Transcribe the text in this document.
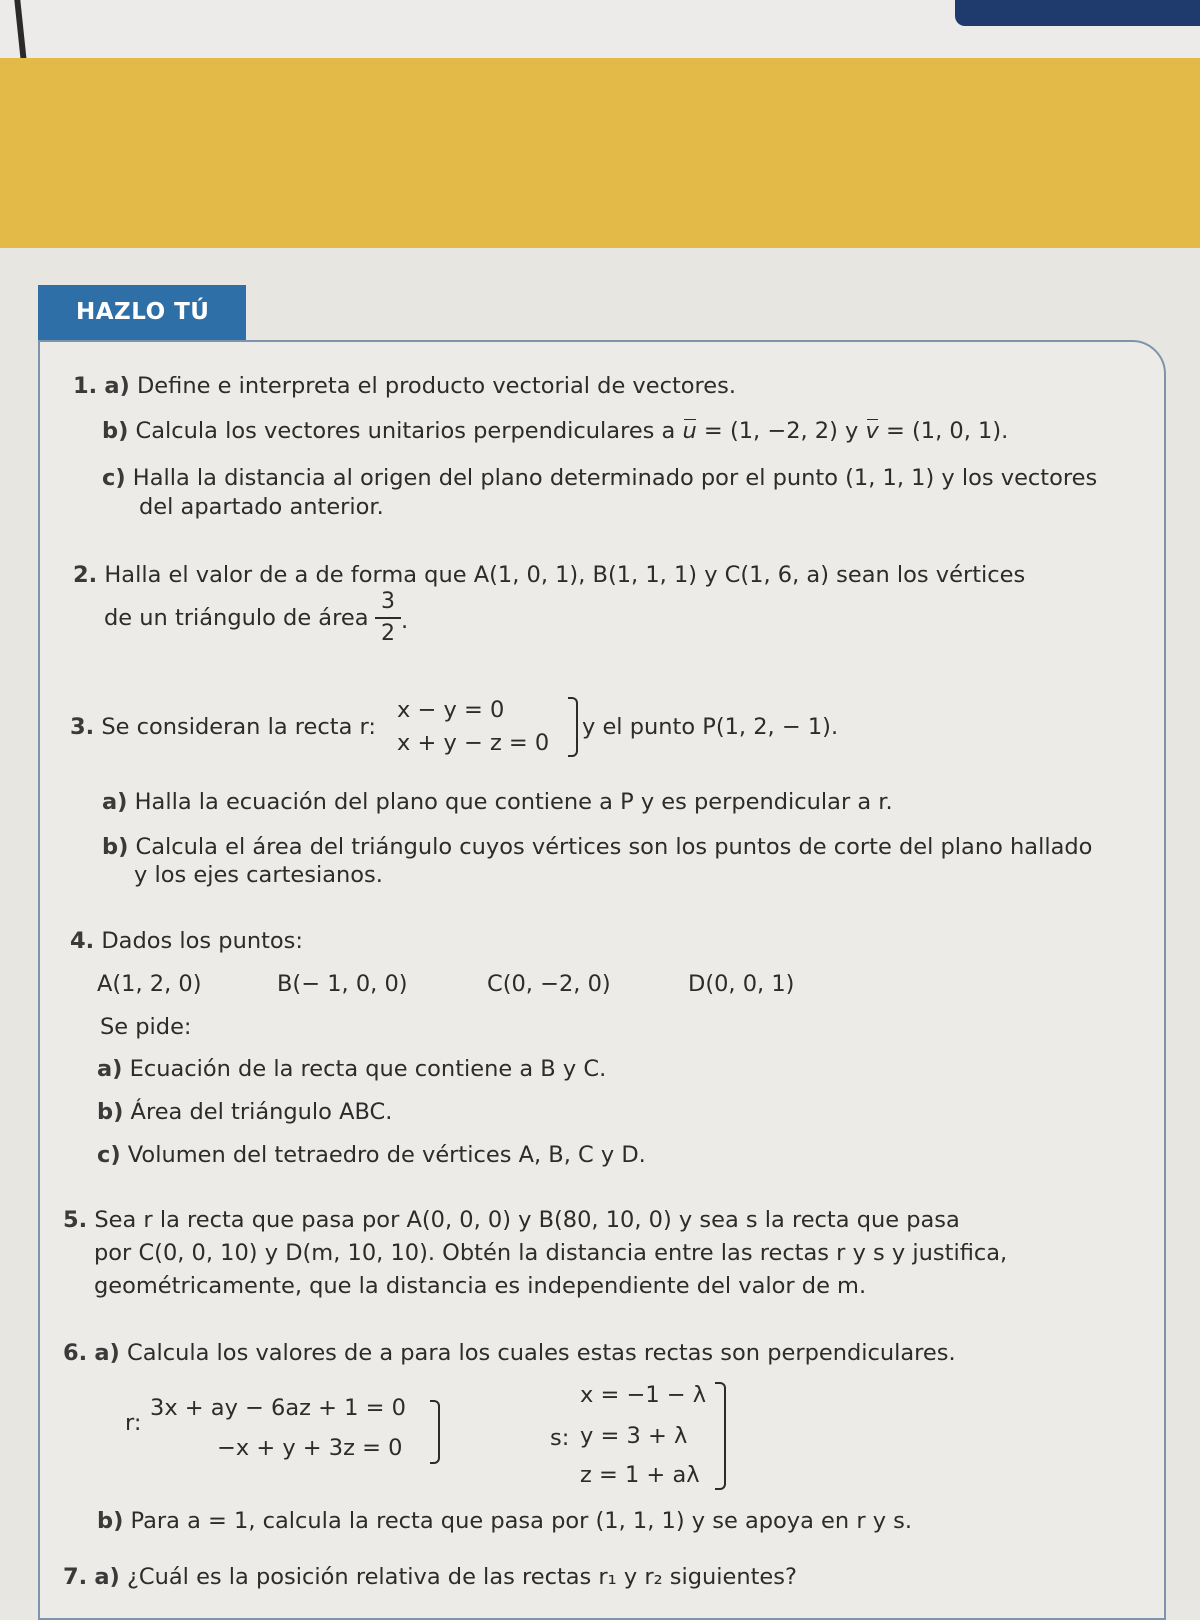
HAZLO TÚ
1. a) Define e interpreta el producto vectorial de vectores.
b) Calcula los vectores unitarios perpendiculares a u = (1, −2, 2) y v = (1, 0, 1).
c) Halla la distancia al origen del plano determinado por el punto (1, 1, 1) y los vectores
del apartado anterior.
2. Halla el valor de a de forma que A(1, 0, 1), B(1, 1, 1) y C(1, 6, a) sean los vértices
de un triángulo de área
3
2 .
3. Se consideran la recta r:
x − y = 0
x + y − z = 0
y el punto P(1, 2, − 1).
a) Halla la ecuación del plano que contiene a P y es perpendicular a r.
b) Calcula el área del triángulo cuyos vértices son los puntos de corte del plano hallado
y los ejes cartesianos.
4. Dados los puntos:
A(1, 2, 0)	B(− 1, 0, 0)	C(0, −2, 0)	D(0, 0, 1)
Se pide:
a) Ecuación de la recta que contiene a B y C.
b) Área del triángulo ABC.
c) Volumen del tetraedro de vértices A, B, C y D.
5. Sea r la recta que pasa por A(0, 0, 0) y B(80, 10, 0) y sea s la recta que pasa
por C(0, 0, 10) y D(m, 10, 10). Obtén la distancia entre las rectas r y s y justifica,
geométricamente, que la distancia es independiente del valor de m.
6. a) Calcula los valores de a para los cuales estas rectas son perpendiculares.
r:
3x + ay − 6az + 1 = 0
−x + y + 3z = 0	s:
x = −1 − λ
y = 3 + λ
z = 1 + aλ
b) Para a = 1, calcula la recta que pasa por (1, 1, 1) y se apoya en r y s.
7. a) ¿Cuál es la posición relativa de las rectas r₁ y r₂ siguientes?
